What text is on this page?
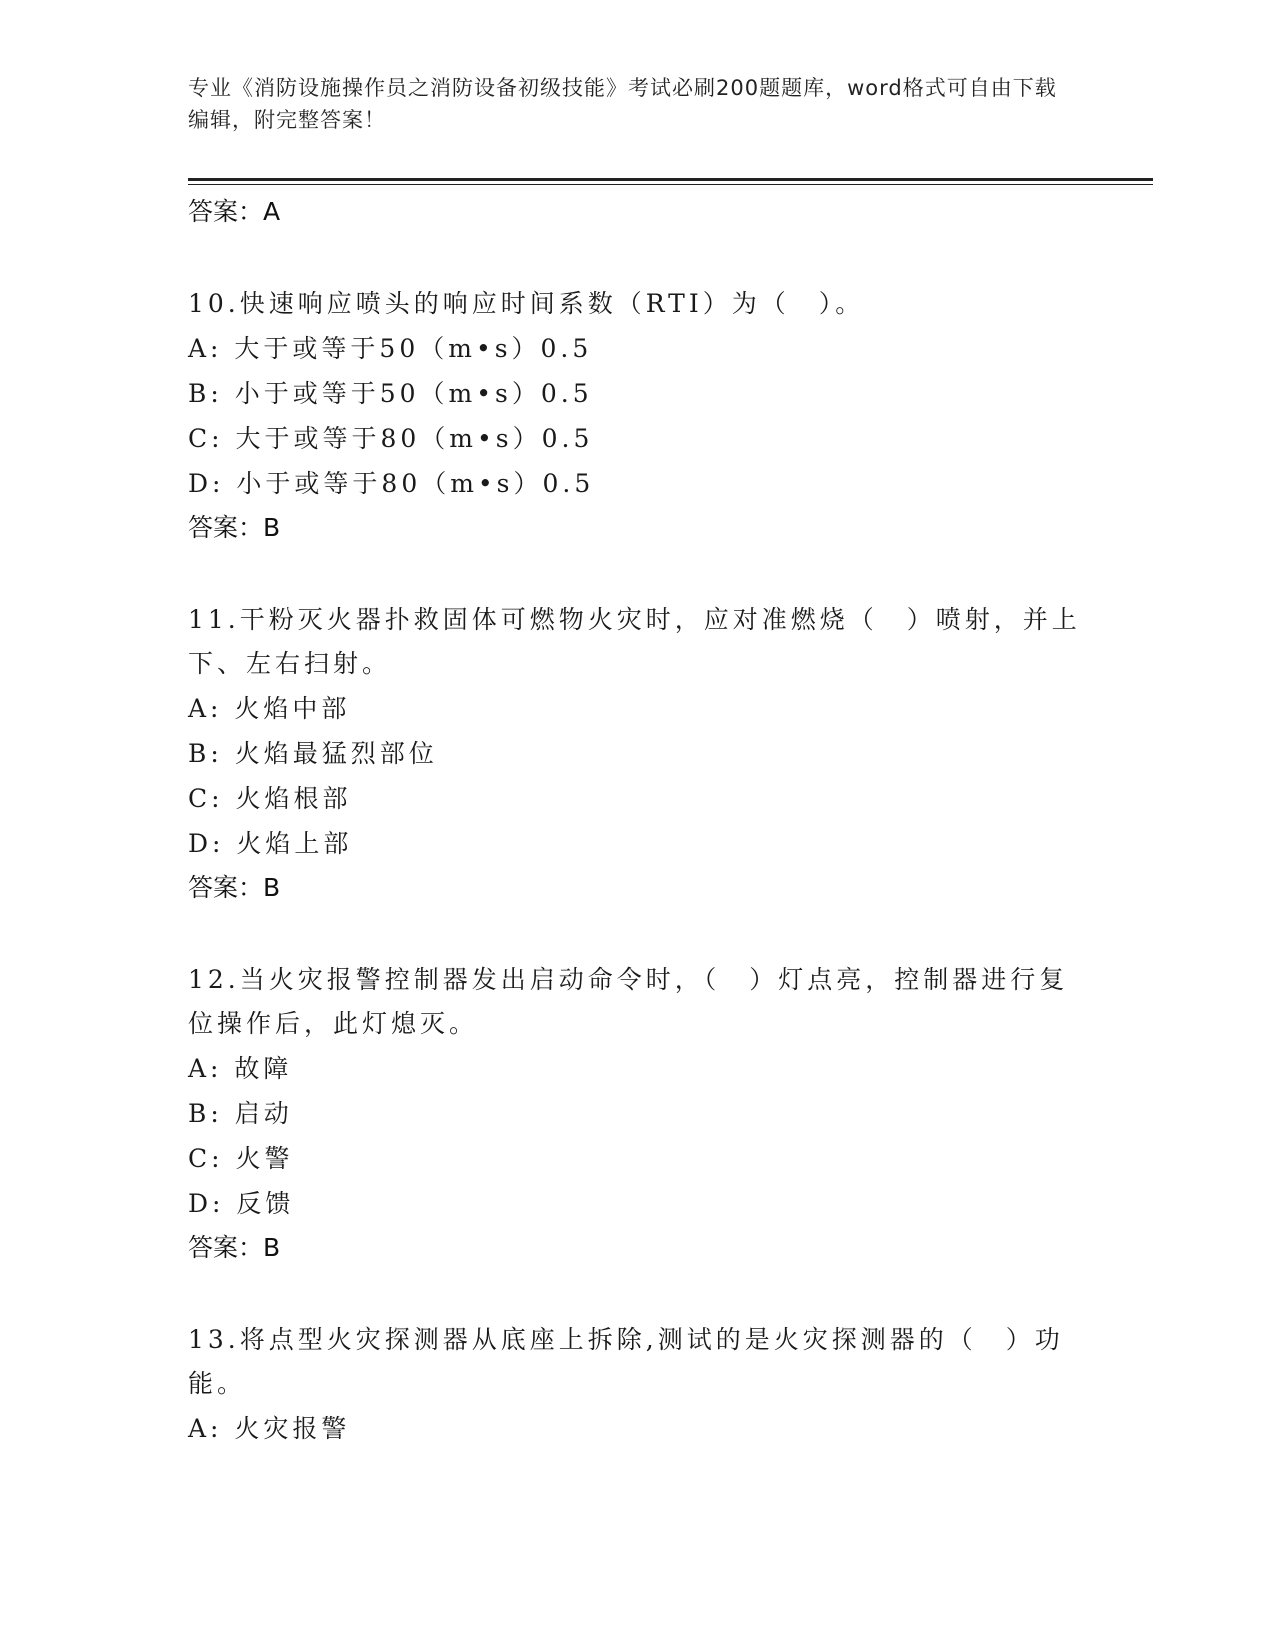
专业《消防设施操作员之消防设备初级技能》考试必刷200题题库，word格式可自由下载编辑，附完整答案！

答案：A

10.快速响应喷头的响应时间系数（RTI）为（　）。

A: 大于或等于50（m•s）0.5

B: 小于或等于50（m•s）0.5

C: 大于或等于80（m•s）0.5

D: 小于或等于80（m•s）0.5

答案：B

11.干粉灭火器扑救固体可燃物火灾时，应对准燃烧（　）喷射，并上下、左右扫射。

A: 火焰中部

B: 火焰最猛烈部位

C: 火焰根部

D: 火焰上部

答案：B

12.当火灾报警控制器发出启动命令时，（　）灯点亮，控制器进行复位操作后，此灯熄灭。

A: 故障

B: 启动

C: 火警

D: 反馈

答案：B

13.将点型火灾探测器从底座上拆除,测试的是火灾探测器的（　）功能。

A: 火灾报警
